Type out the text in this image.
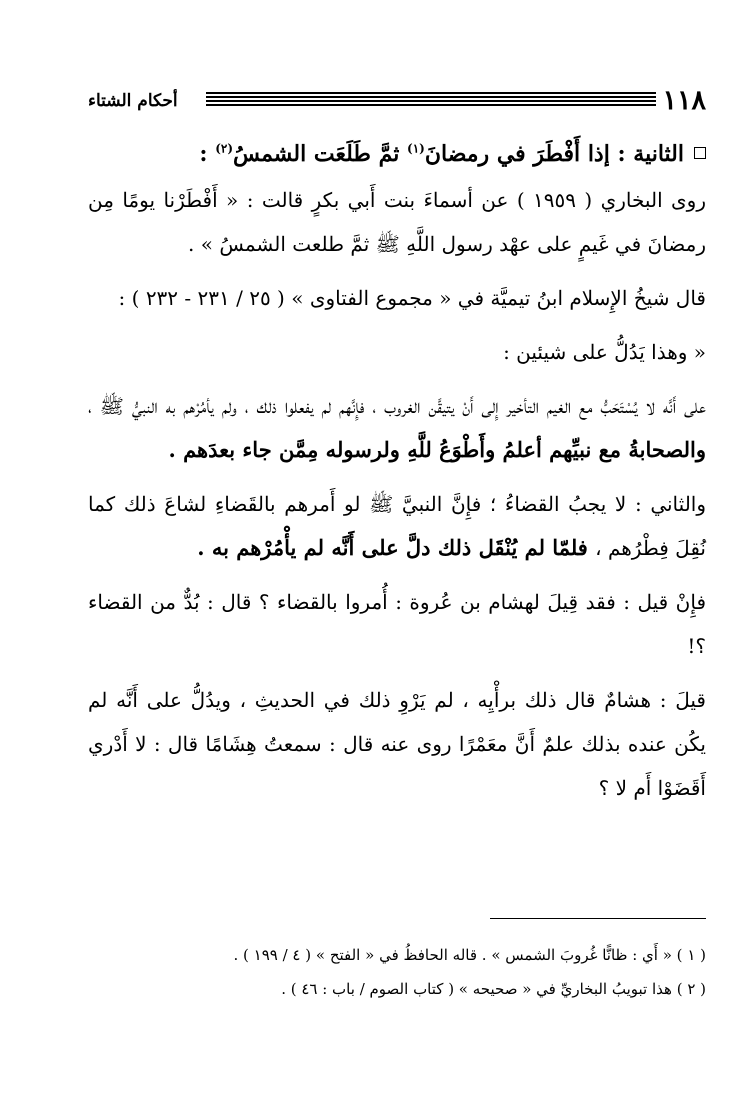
١١٨
أحكام الشتاء
الثانية : إذا أَفْطَرَ في رمضانَ$^{(١)}$ ثمَّ طَلَعَت الشمسُ$^{(٢)}$ :

روى البخاري ( ١٩٥٩ ) عن أسماءَ بنت أَبي بكرٍ قالت : « أَفْطَرْنا يومًا مِن رمضانَ في غَيمٍ على عهْد رسول اللَّهِ ﷺ ثمَّ طلعت الشمسُ » .

قال شيخُ الإِسلام ابنُ تيميَّة في « مجموع الفتاوى » ( ٢٥ / ٢٣١ - ٢٣٢ ) :

« وهذا يَدُلُّ على شيئين :

على أَنَّه لا يُسْتَحَبُّ مع الغيم التأخير إِلى أَنْ يتيقَّن الغروب ، فإِنَّهم لم يفعلوا ذلك ، ولم يأمُرْهم به النبيُّ ﷺ ، والصحابةُ مع نبيِّهم أعلمُ وأَطْوَعُ للَّهِ ولرسوله مِمَّن جاء بعدَهم .

والثاني : لا يجبُ القضاءُ ؛ فإِنَّ النبيَّ ﷺ لو أَمرهم بالقَضاءِ لشاعَ ذلك كما نُقِلَ فِطْرُهم ، فلمّا لم يُنْقَل ذلك دلَّ على أَنَّه لم يأْمُرْهم به .

فإِنْ قيل : فقد قِيلَ لهشام بن عُروة : أُمروا بالقضاء ؟ قال : بُدٌّ من القضاء ؟!

قيلَ : هشامٌ قال ذلك برأْيِه ، لم يَرْوِ ذلك في الحديثِ ، ويدُلُّ على أَنَّه لم يكُن عنده بذلك علمٌ أَنَّ معَمْرًا روى عنه قال : سمعتُ هِشَامًا قال : لا أَدْري أَقَضَوْا أَم لا ؟

( ١ ) « أَي : ظانًّا غُروبَ الشمس » . قاله الحافظُ في « الفتح » ( ٤ / ١٩٩ ) .
( ٢ ) هذا تبويبُ البخاريِّ في « صحيحه » ( كتاب الصوم / باب : ٤٦ ) .
